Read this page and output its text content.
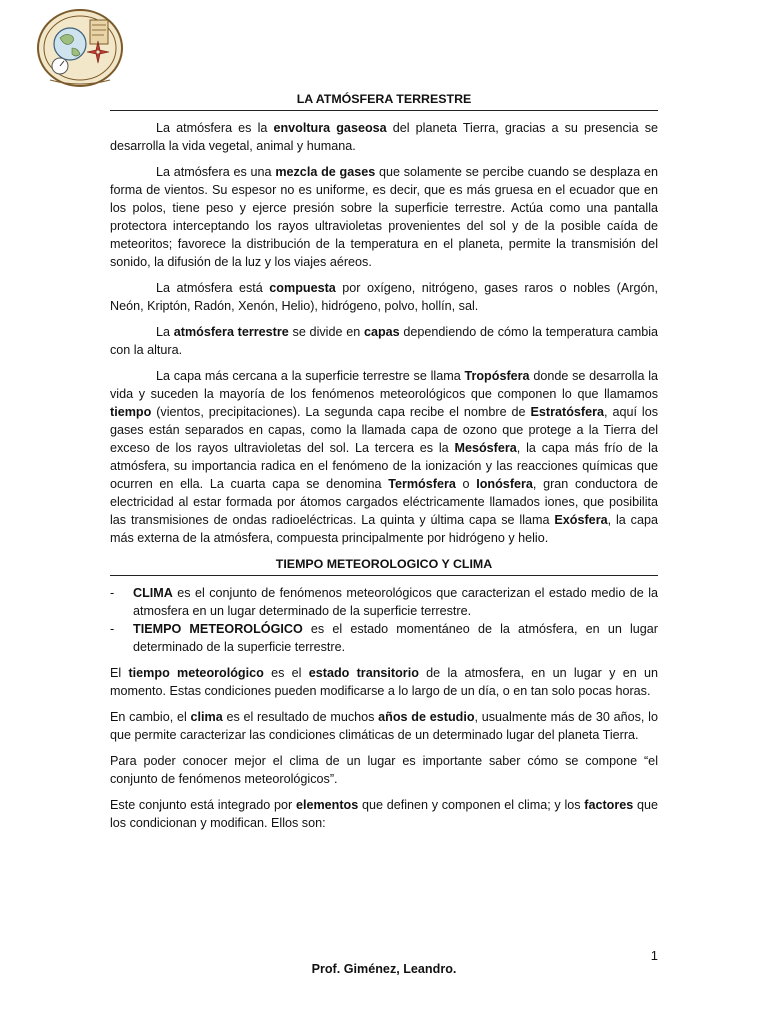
LA ATMÓSFERA TERRESTRE

La atmósfera es la envoltura gaseosa del planeta Tierra, gracias a su presencia se desarrolla la vida vegetal, animal y humana.

La atmósfera es una mezcla de gases que solamente se percibe cuando se desplaza en forma de vientos. Su espesor no es uniforme, es decir, que es más gruesa en el ecuador que en los polos, tiene peso y ejerce presión sobre la superficie terrestre. Actúa como una pantalla protectora interceptando los rayos ultravioletas provenientes del sol y de la posible caída de meteoritos; favorece la distribución de la temperatura en el planeta, permite la transmisión del sonido, la difusión de la luz y los viajes aéreos.

La atmósfera está compuesta por oxígeno, nitrógeno, gases raros o nobles (Argón, Neón, Kriptón, Radón, Xenón, Helio), hidrógeno, polvo, hollín, sal.

La atmósfera terrestre se divide en capas dependiendo de cómo la temperatura cambia con la altura.

La capa más cercana a la superficie terrestre se llama Tropósfera donde se desarrolla la vida y suceden la mayoría de los fenómenos meteorológicos que componen lo que llamamos tiempo (vientos, precipitaciones). La segunda capa recibe el nombre de Estratósfera, aquí los gases están separados en capas, como la llamada capa de ozono que protege a la Tierra del exceso de los rayos ultravioletas del sol. La tercera es la Mesósfera, la capa más frío de la atmósfera, su importancia radica en el fenómeno de la ionización y las reacciones químicas que ocurren en ella. La cuarta capa se denomina Termósfera o Ionósfera, gran conductora de electricidad al estar formada por átomos cargados eléctricamente llamados iones, que posibilita las transmisiones de ondas radioeléctricas. La quinta y última capa se llama Exósfera, la capa más externa de la atmósfera, compuesta principalmente por hidrógeno y helio.

TIEMPO METEOROLOGICO Y CLIMA
- CLIMA es el conjunto de fenómenos meteorológicos que caracterizan el estado medio de la atmosfera en un lugar determinado de la superficie terrestre.
- TIEMPO METEOROLÓGICO es el estado momentáneo de la atmósfera, en un lugar determinado de la superficie terrestre.

El tiempo meteorológico es el estado transitorio de la atmosfera, en un lugar y en un momento. Estas condiciones pueden modificarse a lo largo de un día, o en tan solo pocas horas.

En cambio, el clima es el resultado de muchos años de estudio, usualmente más de 30 años, lo que permite caracterizar las condiciones climáticas de un determinado lugar del planeta Tierra.

Para poder conocer mejor el clima de un lugar es importante saber cómo se compone “el conjunto de fenómenos meteorológicos”.

Este conjunto está integrado por elementos que definen y componen el clima; y los factores que los condicionan y modifican. Ellos son:

1
Prof. Giménez, Leandro.
